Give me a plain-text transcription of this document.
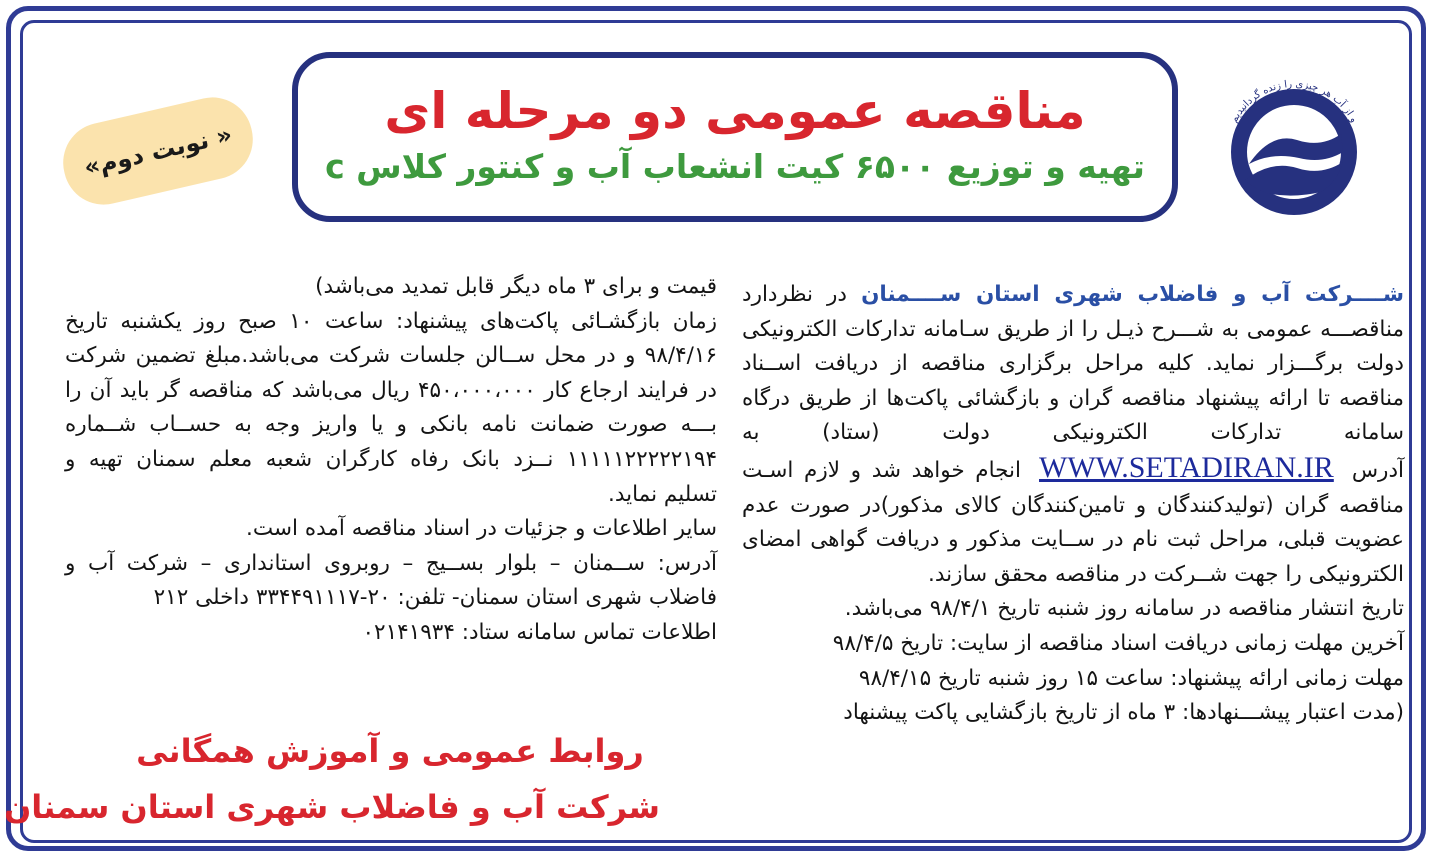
مناقصه عمومی دو مرحله ای
تهیه و توزیع ۶۵۰۰ کیت انشعاب آب و کنتور کلاس c
« نوبت دوم»
و از آب هر چیزی را زنده گردانیدیم

شــــرکت آب و فاضلاب شهری استان ســــمنان در نظردارد مناقصـــه عمومی به شـــرح ذیـل را از طریق سـامانه تدارکات الکترونیکی دولت برگـــزار نماید. کلیه مراحل برگزاری مناقصه از دریافت اســناد مناقصه تا ارائه پیشنهاد مناقصه گران و بازگشائی پاکت‌ها از طریق درگاه سامانه تدارکات الکترونیکی دولت (ستاد) به آدرسWWW.SETADIRAN.IRانجام خواهد شد و لازم اسـت مناقصه گران (تولیدکنندگان و تامین‌کنندگان کالای مذکور)در صورت عدم عضویت قبلی، مراحل ثبت نام در ســایت مذکور و دریافت گواهی امضای الکترونیکی را جهت شــرکت در مناقصه محقق سازند.

تاریخ انتشار مناقصه در سامانه روز شنبه تاریخ ۹۸/۴/۱ می‌باشد.

آخرین مهلت زمانی دریافت اسناد مناقصه از سایت: تاریخ ۹۸/۴/۵

مهلت زمانی ارائه پیشنهاد: ساعت ۱۵ روز شنبه تاریخ ۹۸/۴/۱۵

(مدت اعتبار پیشـــنهادها: ۳ ماه از تاریخ بازگشایی پاکت پیشنهاد

قیمت و برای ۳ ماه دیگر قابل تمدید می‌باشد)

زمان بازگشـائی پاکت‌های پیشنهاد: ساعت ۱۰ صبح روز یکشنبه تاریخ ۹۸/۴/۱۶ و در محل ســالن جلسات شرکت می‌باشد.مبلغ تضمین شرکت در فرایند ارجاع کار ۴۵۰،۰۰۰،۰۰۰ ریال می‌باشد که مناقصه گر باید آن را بـــه صورت ضمانت نامه بانکی و یا واریز وجه به حســاب شــماره ۱۱۱۱۱۲۲۲۲۲۱۹۴ نــزد بانک رفاه کارگران شعبه معلم سمنان تهیه و تسلیم نماید.

سایر اطلاعات و جزئیات در اسناد مناقصه آمده است.

آدرس: ســمنان – بلوار بســیج – روبروی استانداری – شرکت آب و فاضلاب شهری استان سمنان- تلفن: ۲۰-۳۳۴۴۹۱۱۱۷ داخلی ۲۱۲

اطلاعات تماس سامانه ستاد: ۰۲۱۴۱۹۳۴

روابط عمومی و آموزش همگانی
شرکت آب و فاضلاب شهری استان سمنان
